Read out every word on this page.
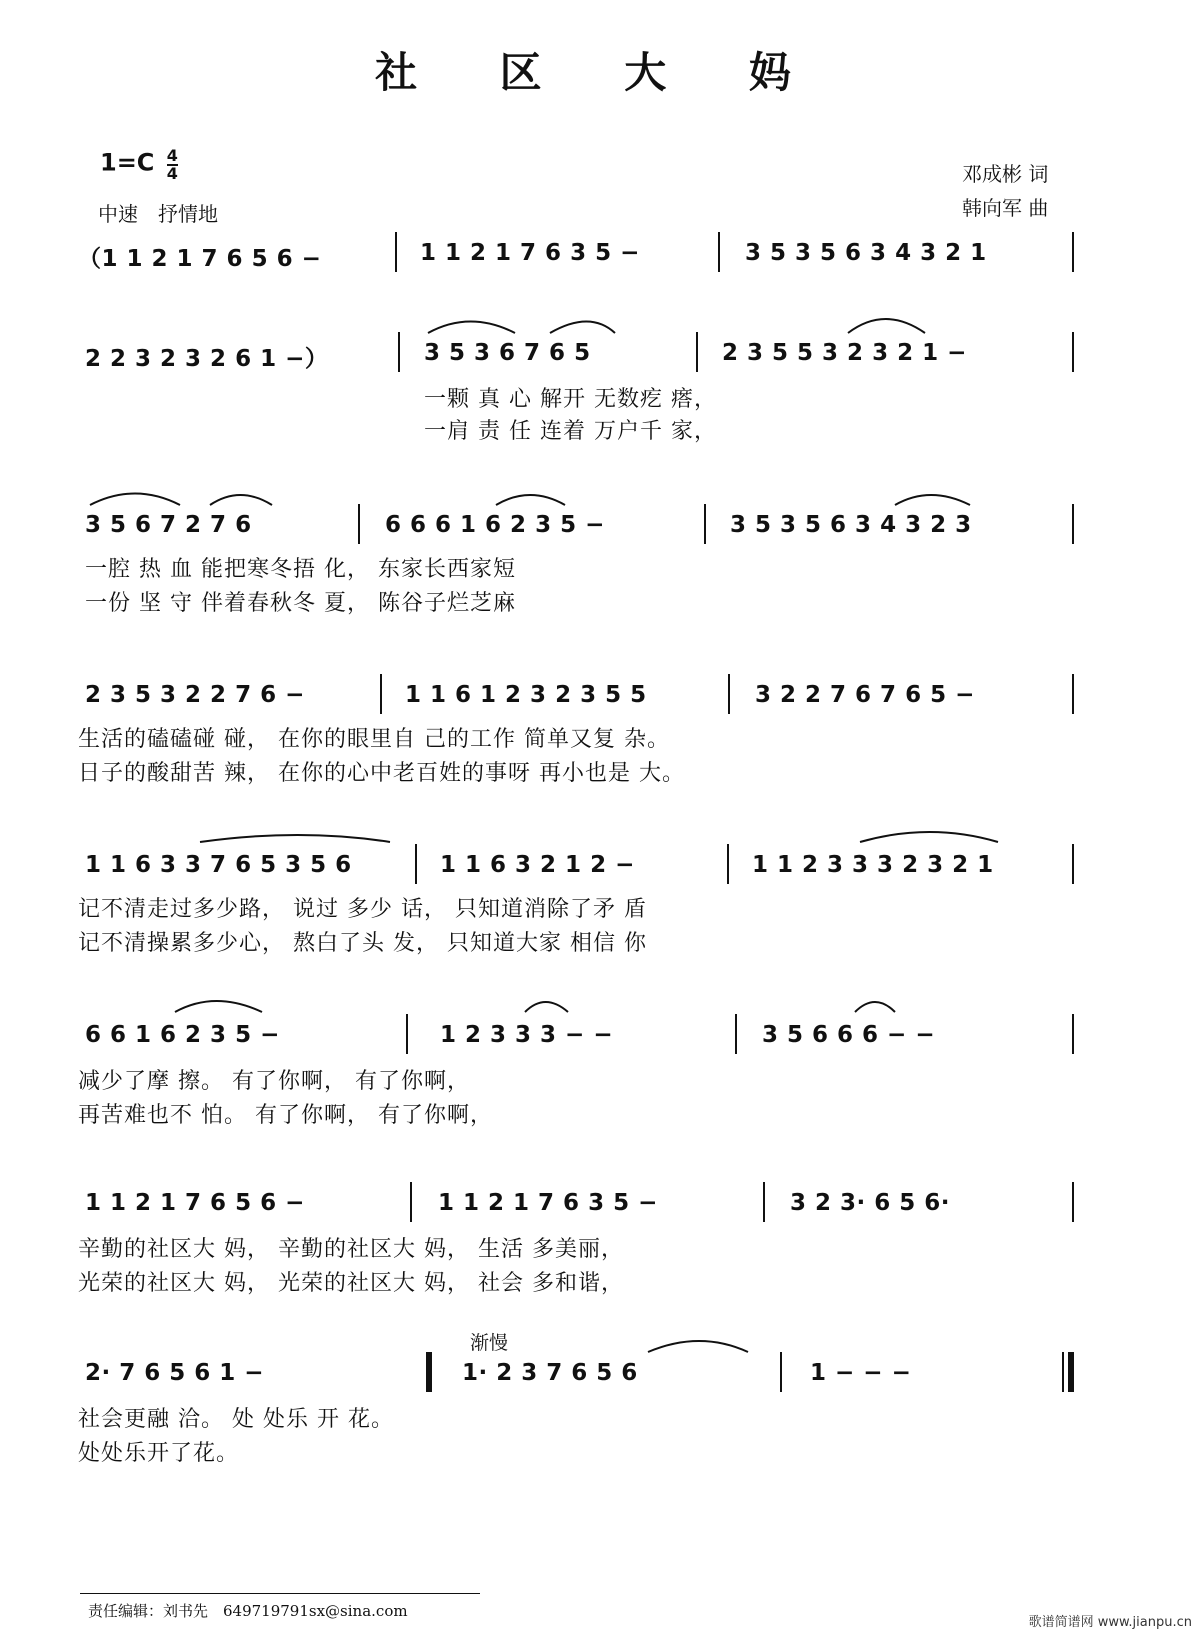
社 区 大 妈
$1=C \frac{4}{4}$
中速　抒情地
邓成彬 词
韩向军 曲
（1 1 2 1 7 6 5 6 −	1 1 2 1 7 6 3 5 −	3 5 3 5 6 3 4 3 2 1
2 2 3 2 3 2 6 1 −）	3 5 3 6 7 6 5	2 3 5 5 3 2 3 2 1 −
一颗 真 心 解开 无数疙 瘩，
一肩 责 任 连着 万户千 家，
3 5 6 7 2 7 6	6 6 6 1 6 2 3 5 −	3 5 3 5 6 3 4 3 2 3
一腔 热 血 能把寒冬捂 化， 东家长西家短
一份 坚 守 伴着春秋冬 夏， 陈谷子烂芝麻
2 3 5 3 2 2 7 6 −	1 1 6 1 2 3 2 3 5 5	3 2 2 7 6 7 6 5 −
生活的磕磕碰 碰， 在你的眼里自 己的工作 简单又复 杂。
日子的酸甜苦 辣， 在你的心中老百姓的事呀 再小也是 大。
1 1 6 3 3 7 6 5 3 5 6	1 1 6 3 2 1 2 −	1 1 2 3 3 3 2 3 2 1
记不清走过多少路， 说过 多少 话， 只知道消除了矛 盾
记不清操累多少心， 熬白了头 发， 只知道大家 相信 你
6 6 1 6 2 3 5 −	1 2 3 3 3 − −	3 5 6 6 6 − −
减少了摩 擦。 有了你啊， 有了你啊，
再苦难也不 怕。 有了你啊， 有了你啊，
1 1 2 1 7 6 5 6 −	1 1 2 1 7 6 3 5 −	3 2 3· 6 5 6·
辛勤的社区大 妈， 辛勤的社区大 妈， 生活 多美丽，
光荣的社区大 妈， 光荣的社区大 妈， 社会 多和谐，
渐慢
2· 7 6 5 6 1 −	1· 2 3 7 6 5 6	1 − − −
社会更融 洽。 处 处乐 开 花。
处处乐开了花。
责任编辑：刘书先　649719791sx@sina.com
歌谱简谱网 www.jianpu.cn
